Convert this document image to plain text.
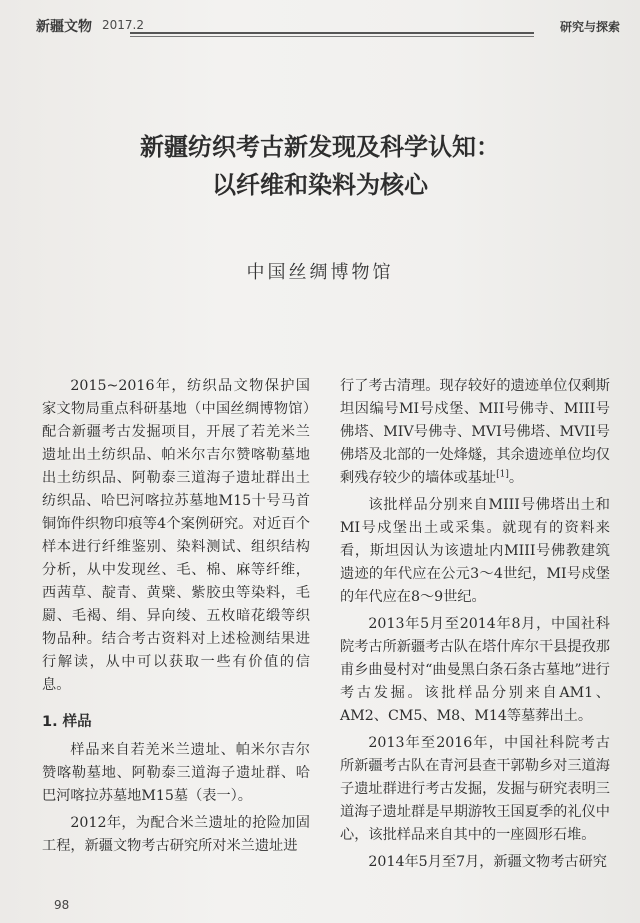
新疆文物 2017.2	研究与探索
新疆纺织考古新发现及科学认知：
以纤维和染料为核心
中国丝绸博物馆

2015~2016年，纺织品文物保护国家文物局重点科研基地（中国丝绸博物馆）配合新疆考古发掘项目，开展了若羌米兰遗址出土纺织品、帕米尔吉尔赞喀勒墓地出土纺织品、阿勒泰三道海子遗址群出土纺织品、哈巴河喀拉苏墓地M15十号马首铜饰件织物印痕等4个案例研究。对近百个样本进行纤维鉴别、染料测试、组织结构分析，从中发现丝、毛、棉、麻等纤维，西茜草、靛青、黄檗、紫胶虫等染料，毛罽、毛褐、绢、异向绫、五枚暗花缎等织物品种。结合考古资料对上述检测结果进行解读，从中可以获取一些有价值的信息。

1. 样品

样品来自若羌米兰遗址、帕米尔吉尔赞喀勒墓地、阿勒泰三道海子遗址群、哈巴河喀拉苏墓地M15墓（表一）。

2012年，为配合米兰遗址的抢险加固工程，新疆文物考古研究所对米兰遗址进

行了考古清理。现存较好的遗迹单位仅剩斯坦因编号MI号戍堡、MII号佛寺、MIII号佛塔、MIV号佛寺、MVI号佛塔、MVII号佛塔及北部的一处烽燧，其余遗迹单位均仅剩残存较少的墙体或基址[1]。

该批样品分别来自MIII号佛塔出土和MI号戍堡出土或采集。就现有的资料来看，斯坦因认为该遗址内MIII号佛教建筑遗迹的年代应在公元3～4世纪，MI号戍堡的年代应在8～9世纪。

2013年5月至2014年8月，中国社科院考古所新疆考古队在塔什库尔干县提孜那甫乡曲曼村对“曲曼黑白条石条古墓地”进行考古发掘。该批样品分别来自AM1、AM2、CM5、M8、M14等墓葬出土。

2013年至2016年，中国社科院考古所新疆考古队在青河县查干郭勒乡对三道海子遗址群进行考古发掘，发掘与研究表明三道海子遗址群是早期游牧王国夏季的礼仪中心，该批样品来自其中的一座圆形石堆。

2014年5月至7月，新疆文物考古研究

98
